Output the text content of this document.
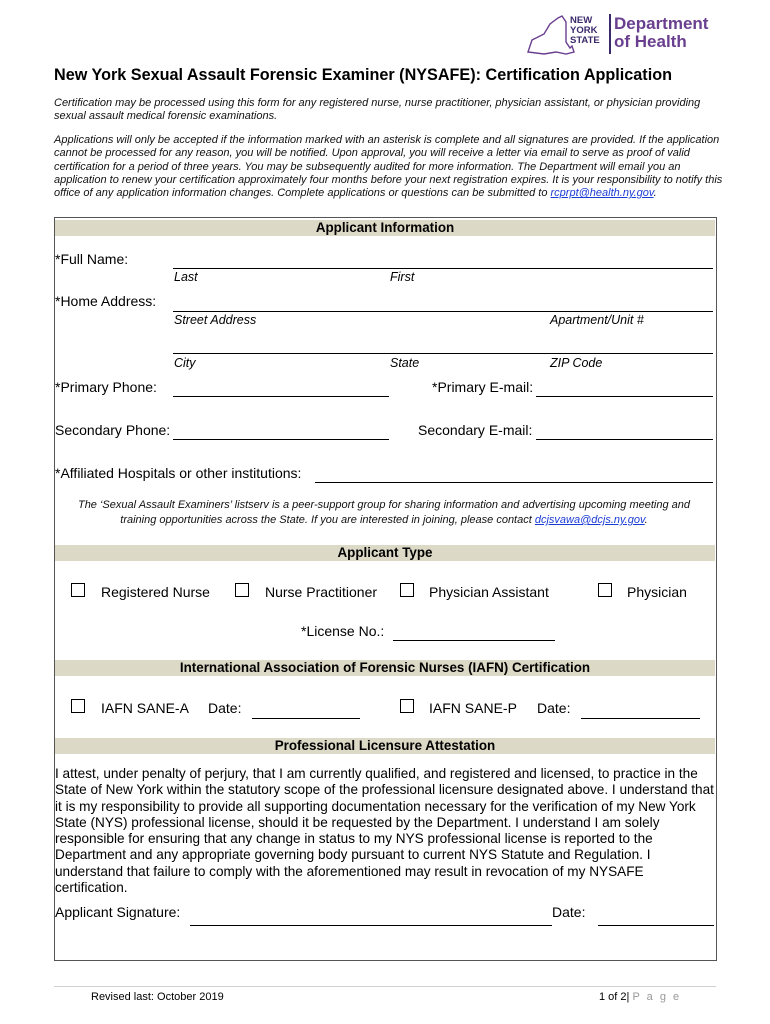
NEW
YORK
STATE
Department
of Health
New York Sexual Assault Forensic Examiner (NYSAFE): Certification Application
Certification may be processed using this form for any registered nurse, nurse practitioner, physician assistant, or physician providing sexual assault medical forensic examinations.
Applications will only be accepted if the information marked with an asterisk is complete and all signatures are provided. If the application cannot be processed for any reason, you will be notified. Upon approval, you will receive a letter via email to serve as proof of valid certification for a period of three years. You may be subsequently audited for more information. The Department will email you an application to renew your certification approximately four months before your next registration expires. It is your responsibility to notify this office of any application information changes. Complete applications or questions can be submitted to rcprpt@health.ny.gov.
Applicant Information
*Full Name:
Last	First
*Home Address:
Street Address	Apartment/Unit #
City	State	ZIP Code
*Primary Phone:	*Primary E-mail:
Secondary Phone:	Secondary E-mail:
*Affiliated Hospitals or other institutions:
The ‘Sexual Assault Examiners’ listserv is a peer-support group for sharing information and advertising upcoming meeting and training opportunities across the State. If you are interested in joining, please contact dcjsvawa@dcjs.ny.gov.
Applicant Type
Registered Nurse	Nurse Practitioner	Physician Assistant	Physician
*License No.:
International Association of Forensic Nurses (IAFN) Certification
IAFN SANE-A Date:	IAFN SANE-P Date:
Professional Licensure Attestation
I attest, under penalty of perjury, that I am currently qualified, and registered and licensed, to practice in the State of New York within the statutory scope of the professional licensure designated above. I understand that it is my responsibility to provide all supporting documentation necessary for the verification of my New York State (NYS) professional license, should it be requested by the Department. I understand I am solely responsible for ensuring that any change in status to my NYS professional license is reported to the Department and any appropriate governing body pursuant to current NYS Statute and Regulation. I understand that failure to comply with the aforementioned may result in revocation of my NYSAFE certification.
Applicant Signature:	Date:
Revised last: October 2019	1 of 2| P a g e
